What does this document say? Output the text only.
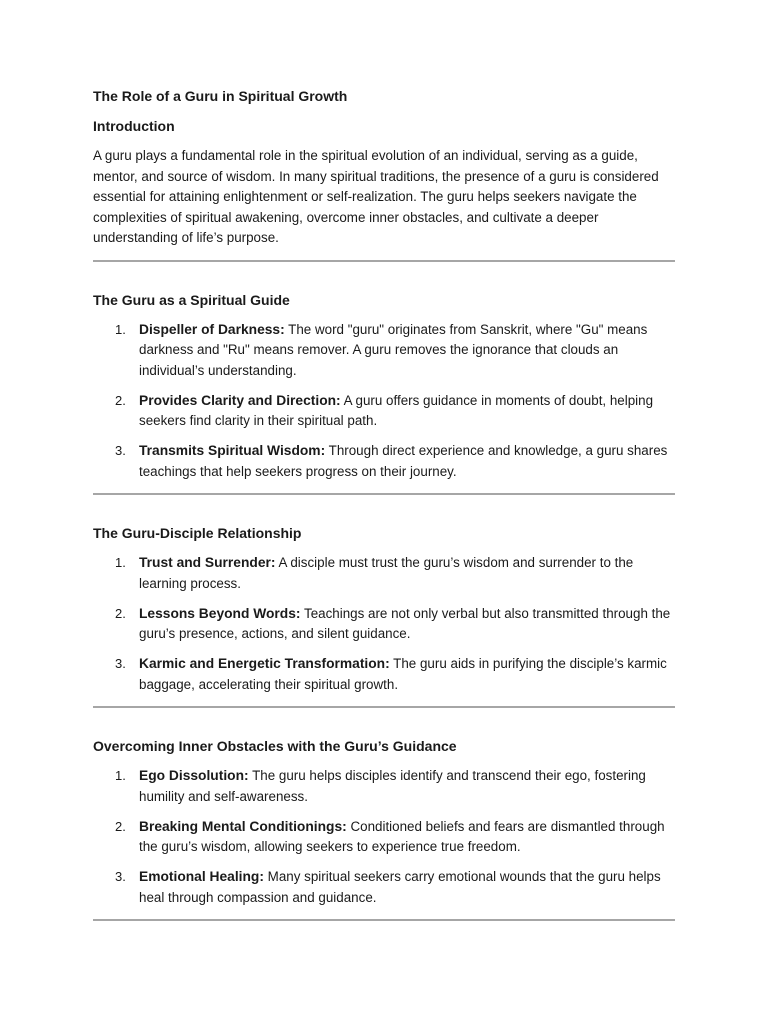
The Role of a Guru in Spiritual Growth
Introduction

A guru plays a fundamental role in the spiritual evolution of an individual, serving as a guide, mentor, and source of wisdom. In many spiritual traditions, the presence of a guru is considered essential for attaining enlightenment or self-realization. The guru helps seekers navigate the complexities of spiritual awakening, overcome inner obstacles, and cultivate a deeper understanding of life’s purpose.

The Guru as a Spiritual Guide
1. Dispeller of Darkness: The word "guru" originates from Sanskrit, where "Gu" means darkness and "Ru" means remover. A guru removes the ignorance that clouds an individual’s understanding.
2. Provides Clarity and Direction: A guru offers guidance in moments of doubt, helping seekers find clarity in their spiritual path.
3. Transmits Spiritual Wisdom: Through direct experience and knowledge, a guru shares teachings that help seekers progress on their journey.
The Guru-Disciple Relationship
1. Trust and Surrender: A disciple must trust the guru’s wisdom and surrender to the learning process.
2. Lessons Beyond Words: Teachings are not only verbal but also transmitted through the guru’s presence, actions, and silent guidance.
3. Karmic and Energetic Transformation: The guru aids in purifying the disciple’s karmic baggage, accelerating their spiritual growth.
Overcoming Inner Obstacles with the Guru’s Guidance
1. Ego Dissolution: The guru helps disciples identify and transcend their ego, fostering humility and self-awareness.
2. Breaking Mental Conditionings: Conditioned beliefs and fears are dismantled through the guru’s wisdom, allowing seekers to experience true freedom.
3. Emotional Healing: Many spiritual seekers carry emotional wounds that the guru helps heal through compassion and guidance.
